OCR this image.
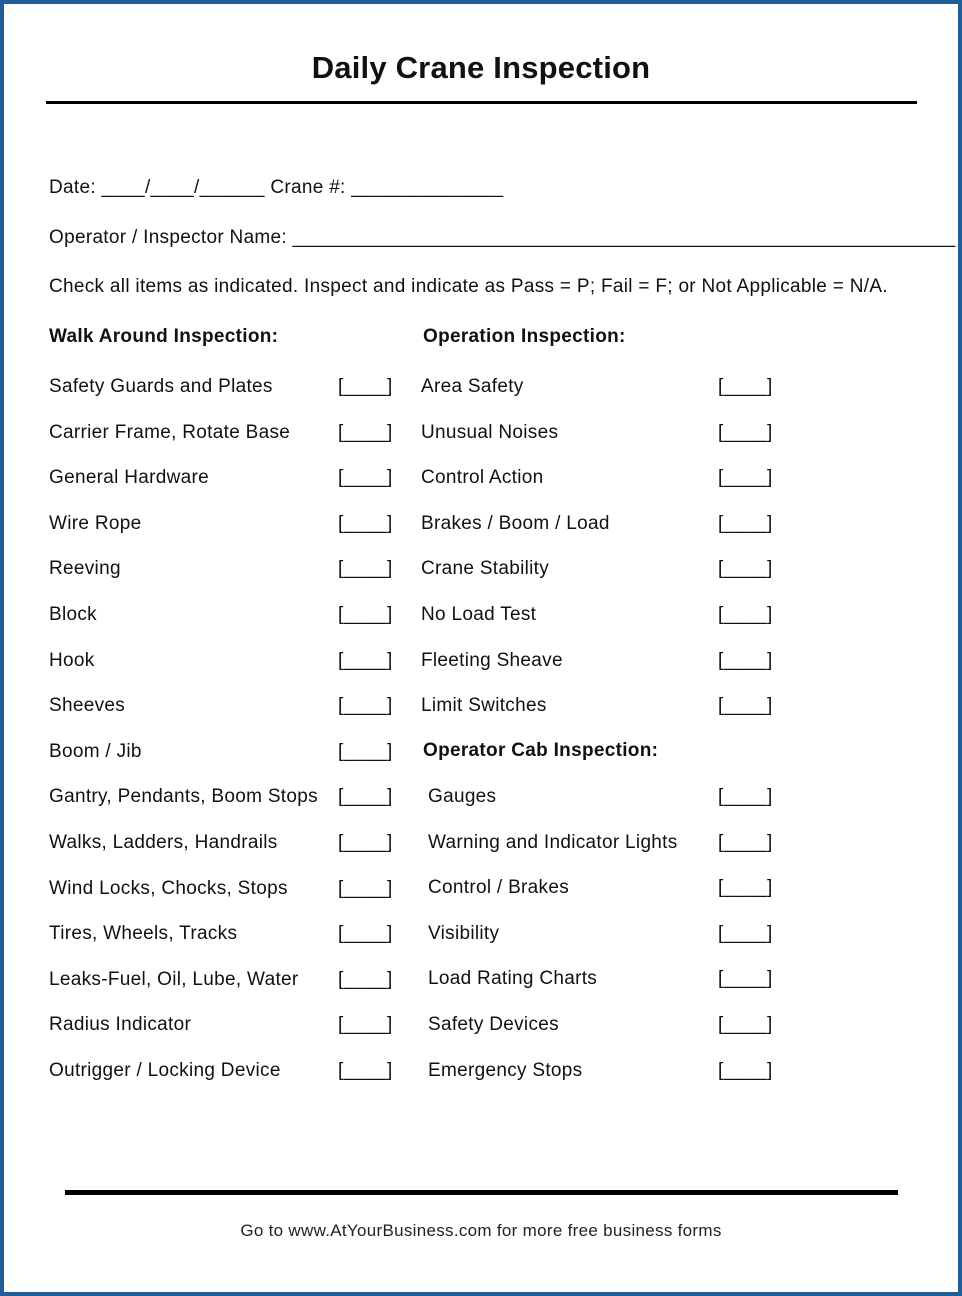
Daily Crane Inspection
Date: ____/____/______ Crane #: ______________
Operator / Inspector Name: _____________________________________________________________
Check all items as indicated. Inspect and indicate as Pass = P; Fail = F; or Not Applicable = N/A.
Walk Around Inspection:	Operation Inspection:
Safety Guards and Plates	[____]
Carrier Frame, Rotate Base	[____]
General Hardware	[____]
Wire Rope	[____]
Reeving	[____]
Block	[____]
Hook	[____]
Sheeves	[____]
Boom / Jib	[____]
Gantry, Pendants, Boom Stops [____]
Walks, Ladders, Handrails	[____]
Wind Locks, Chocks, Stops	[____]
Tires, Wheels, Tracks	[____]
Leaks-Fuel, Oil, Lube, Water [____]
Radius Indicator	[____]
Outrigger / Locking Device	[____]
Area Safety	[____]
Unusual Noises	[____]
Control Action	[____]
Brakes / Boom / Load	[____]
Crane Stability	[____]
No Load Test	[____]
Fleeting Sheave	[____]
Limit Switches	[____]
Operator Cab Inspection:
Gauges	[____]
Warning and Indicator Lights [____]
Control / Brakes	[____]
Visibility	[____]
Load Rating Charts	[____]
Safety Devices	[____]
Emergency Stops	[____]
Go to www.AtYourBusiness.com for more free business forms
